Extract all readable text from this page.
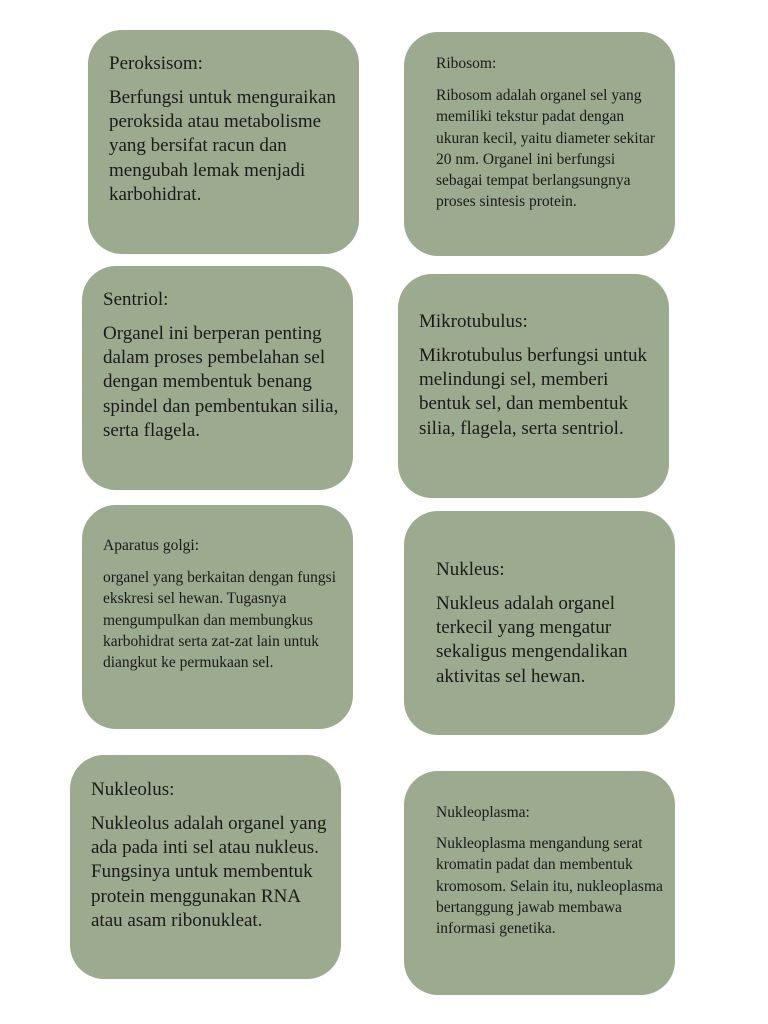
Peroksisom:

Berfungsi untuk menguraikan peroksida atau metabolisme yang bersifat racun dan mengubah lemak menjadi karbohidrat.

Ribosom:

Ribosom adalah organel sel yang memiliki tekstur padat dengan ukuran kecil, yaitu diameter sekitar 20 nm. Organel ini berfungsi sebagai tempat berlangsungnya proses sintesis protein.

Sentriol:

Organel ini berperan penting dalam proses pembelahan sel dengan membentuk benang spindel dan pembentukan silia, serta flagela.

Mikrotubulus:

Mikrotubulus berfungsi untuk melindungi sel, memberi bentuk sel, dan membentuk silia, flagela, serta sentriol.

Aparatus golgi:

organel yang berkaitan dengan fungsi ekskresi sel hewan. Tugasnya mengumpulkan dan membungkus karbohidrat serta zat-zat lain untuk diangkut ke permukaan sel.

Nukleus:

Nukleus adalah organel terkecil yang mengatur sekaligus mengendalikan aktivitas sel hewan.

Nukleolus:

Nukleolus adalah organel yang ada pada inti sel atau nukleus. Fungsinya untuk membentuk protein menggunakan RNA atau asam ribonukleat.

Nukleoplasma:

Nukleoplasma mengandung serat kromatin padat dan membentuk kromosom. Selain itu, nukleoplasma bertanggung jawab membawa informasi genetika.
